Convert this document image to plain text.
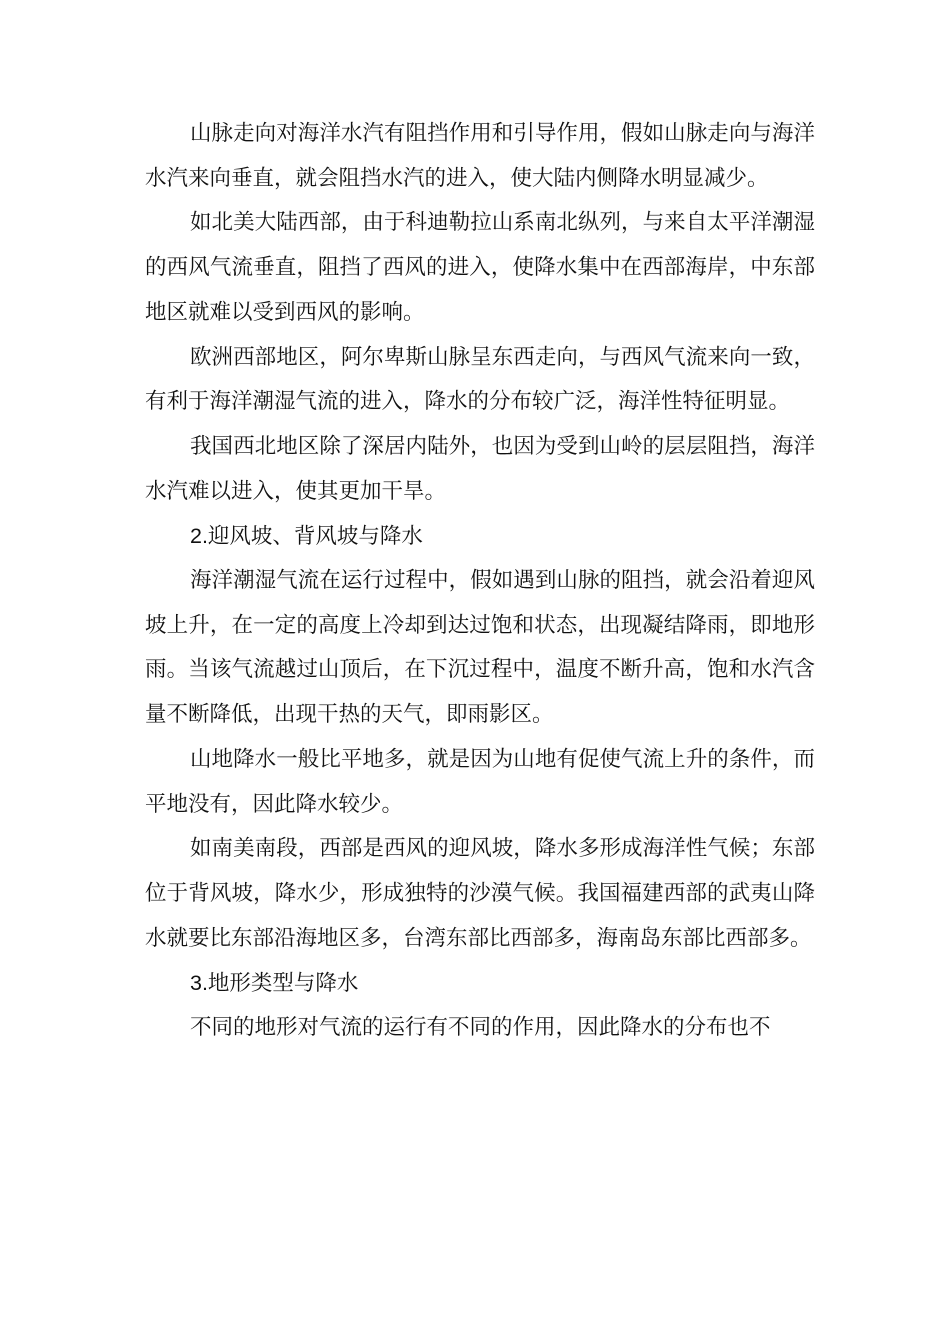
山脉走向对海洋水汽有阻挡作用和引导作用，假如山脉走向与海洋水汽来向垂直，就会阻挡水汽的进入，使大陆内侧降水明显减少。

如北美大陆西部，由于科迪勒拉山系南北纵列，与来自太平洋潮湿的西风气流垂直，阻挡了西风的进入，使降水集中在西部海岸，中东部地区就难以受到西风的影响。

欧洲西部地区，阿尔卑斯山脉呈东西走向，与西风气流来向一致，有利于海洋潮湿气流的进入，降水的分布较广泛，海洋性特征明显。

我国西北地区除了深居内陆外，也因为受到山岭的层层阻挡，海洋水汽难以进入，使其更加干旱。

2.迎风坡、背风坡与降水

海洋潮湿气流在运行过程中，假如遇到山脉的阻挡，就会沿着迎风坡上升，在一定的高度上冷却到达过饱和状态，出现凝结降雨，即地形雨。当该气流越过山顶后，在下沉过程中，温度不断升高，饱和水汽含量不断降低，出现干热的天气，即雨影区。

山地降水一般比平地多，就是因为山地有促使气流上升的条件，而平地没有，因此降水较少。

如南美南段，西部是西风的迎风坡，降水多形成海洋性气候；东部位于背风坡，降水少，形成独特的沙漠气候。我国福建西部的武夷山降水就要比东部沿海地区多，台湾东部比西部多，海南岛东部比西部多。

3.地形类型与降水

不同的地形对气流的运行有不同的作用，因此降水的分布也不
